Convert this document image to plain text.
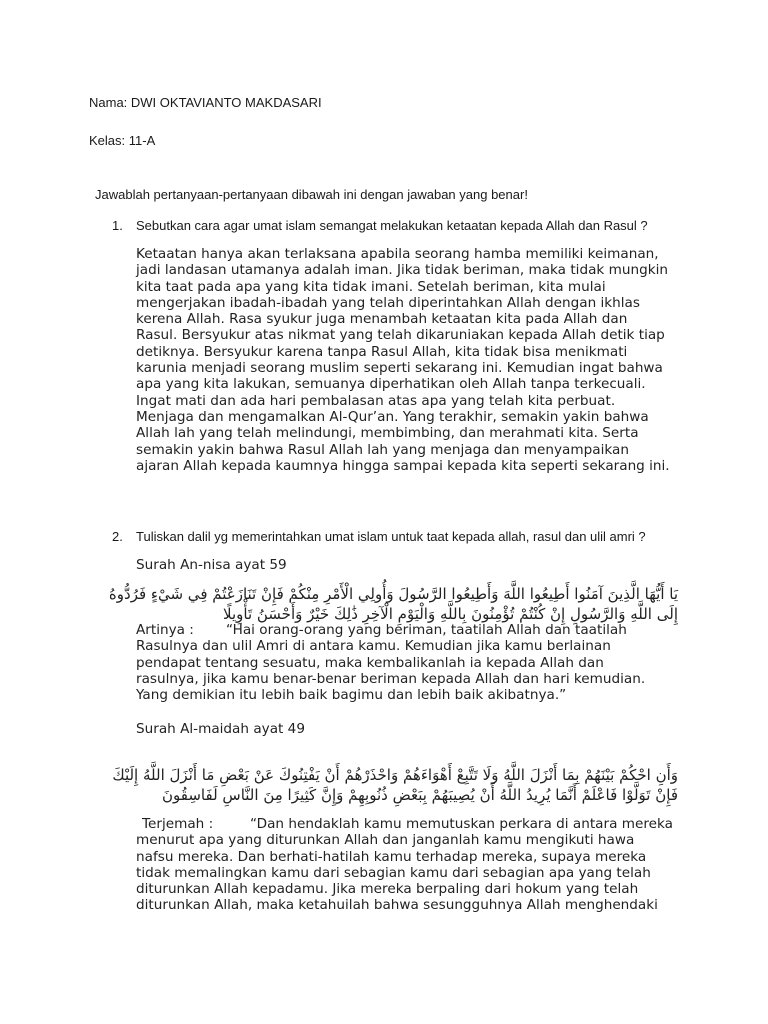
Nama: DWI OKTAVIANTO MAKDASARI
Kelas: 11-A
Jawablah pertanyaan-pertanyaan dibawah ini dengan jawaban yang benar!
1. Sebutkan cara agar umat islam semangat melakukan ketaatan kepada Allah dan Rasul ?
Ketaatan hanya akan terlaksana apabila seorang hamba memiliki keimanan,
jadi landasan utamanya adalah iman. Jika tidak beriman, maka tidak mungkin
kita taat pada apa yang kita tidak imani. Setelah beriman, kita mulai
mengerjakan ibadah-ibadah yang telah diperintahkan Allah dengan ikhlas
kerena Allah. Rasa syukur juga menambah ketaatan kita pada Allah dan
Rasul. Bersyukur atas nikmat yang telah dikaruniakan kepada Allah detik tiap
detiknya. Bersyukur karena tanpa Rasul Allah, kita tidak bisa menikmati
karunia menjadi seorang muslim seperti sekarang ini. Kemudian ingat bahwa
apa yang kita lakukan, semuanya diperhatikan oleh Allah tanpa terkecuali.
Ingat mati dan ada hari pembalasan atas apa yang telah kita perbuat.
Menjaga dan mengamalkan Al-Qur’an. Yang terakhir, semakin yakin bahwa
Allah lah yang telah melindungi, membimbing, dan merahmati kita. Serta
semakin yakin bahwa Rasul Allah lah yang menjaga dan menyampaikan
ajaran Allah kepada kaumnya hingga sampai kepada kita seperti sekarang ini.
2. Tuliskan dalil yg memerintahkan umat islam untuk taat kepada allah, rasul dan ulil amri ?
Surah An-nisa ayat 59
يَا أَيُّهَا الَّذِينَ آمَنُوا أَطِيعُوا اللَّهَ وَأَطِيعُوا الرَّسُولَ وَأُولِي الْأَمْرِ مِنْكُمْ فَإِنْ تَنَازَعْتُمْ فِي شَيْءٍ فَرُدُّوهُ
إِلَى اللَّهِ وَالرَّسُولِ إِنْ كُنْتُمْ تُؤْمِنُونَ بِاللَّهِ وَالْيَوْمِ الْآخِرِ ذَٰلِكَ خَيْرٌ وَأَحْسَنُ تَأْوِيلًا
Artinya : “Hai orang-orang yang beriman, taatilah Allah dan taatilah
Rasulnya dan ulil Amri di antara kamu. Kemudian jika kamu berlainan
pendapat tentang sesuatu, maka kembalikanlah ia kepada Allah dan
rasulnya, jika kamu benar-benar beriman kepada Allah dan hari kemudian.
Yang demikian itu lebih baik bagimu dan lebih baik akibatnya.”
Surah Al-maidah ayat 49
وَأَنِ احْكُمْ بَيْنَهُمْ بِمَا أَنْزَلَ اللَّهُ وَلَا تَتَّبِعْ أَهْوَاءَهُمْ وَاحْذَرْهُمْ أَنْ يَفْتِنُوكَ عَنْ بَعْضِ مَا أَنْزَلَ اللَّهُ إِلَيْكَ
فَإِنْ تَوَلَّوْا فَاعْلَمْ أَنَّمَا يُرِيدُ اللَّهُ أَنْ يُصِيبَهُمْ بِبَعْضِ ذُنُوبِهِمْ وَإِنَّ كَثِيرًا مِنَ النَّاسِ لَفَاسِقُونَ
Terjemah :	“Dan hendaklah kamu memutuskan perkara di antara mereka
menurut apa yang diturunkan Allah dan janganlah kamu mengikuti hawa
nafsu mereka. Dan berhati-hatilah kamu terhadap mereka, supaya mereka
tidak memalingkan kamu dari sebagian kamu dari sebagian apa yang telah
diturunkan Allah kepadamu. Jika mereka berpaling dari hokum yang telah
diturunkan Allah, maka ketahuilah bahwa sesungguhnya Allah menghendaki
